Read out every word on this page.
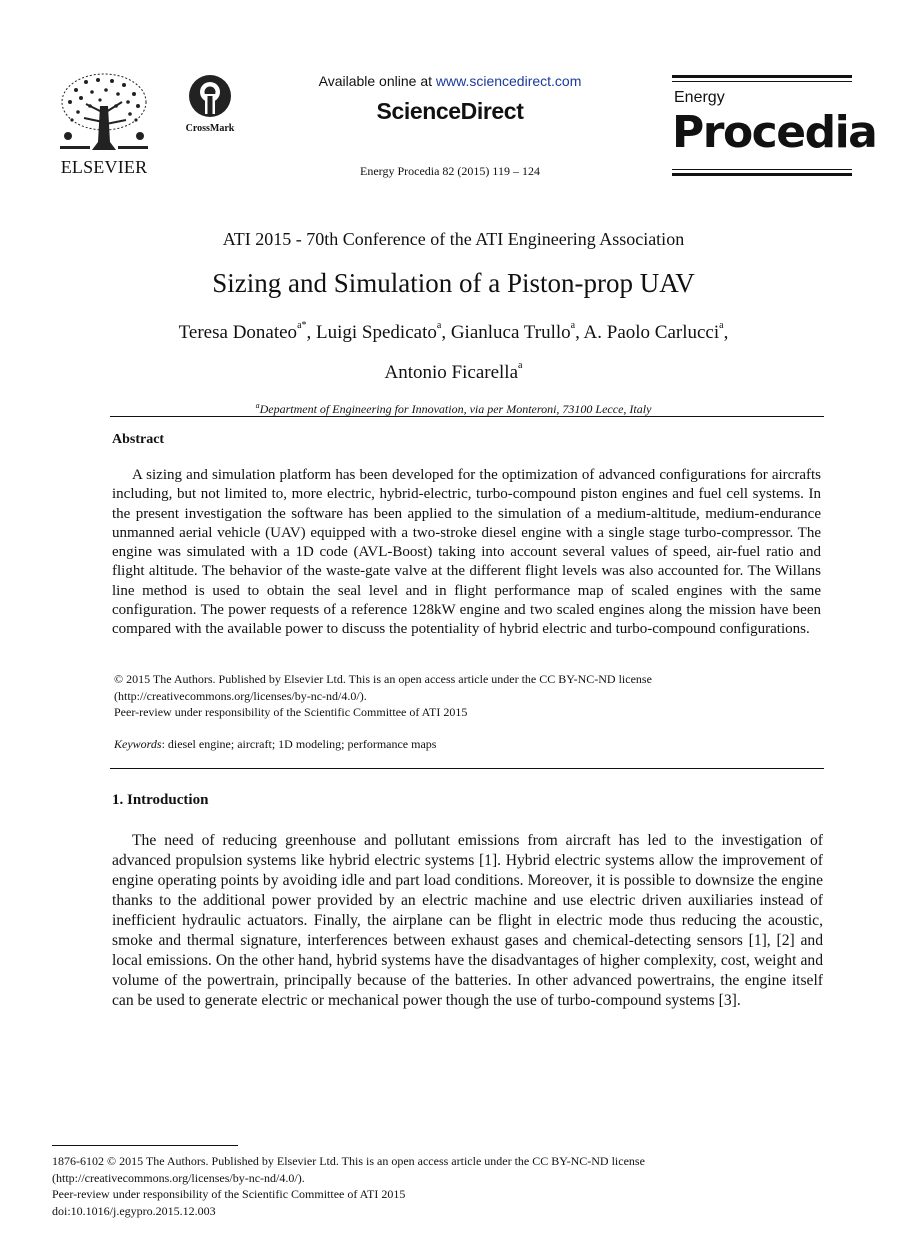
ELSEVIER
CrossMark
Available online at www.sciencedirect.com
ScienceDirect
Energy Procedia 82 (2015) 119 – 124
Energy
Procedia
ATI 2015 - 70th Conference of the ATI Engineering Association
Sizing and Simulation of a Piston-prop UAV
Teresa Donateo$^{a*}$, Luigi Spedicato$^a$, Gianluca Trullo$^a$, A. Paolo Carlucci$^a$,
Antonio Ficarella$^a$
$^a$Department of Engineering for Innovation, via per Monteroni, 73100 Lecce, Italy
Abstract
A sizing and simulation platform has been developed for the optimization of advanced configurations for aircrafts including, but not limited to, more electric, hybrid-electric, turbo-compound piston engines and fuel cell systems. In the present investigation the software has been applied to the simulation of a medium-altitude, medium-endurance unmanned aerial vehicle (UAV) equipped with a two-stroke diesel engine with a single stage turbo-compressor. The engine was simulated with a 1D code (AVL-Boost) taking into account several values of speed, air-fuel ratio and flight altitude. The behavior of the waste-gate valve at the different flight levels was also accounted for. The Willans line method is used to obtain the seal level and in flight performance map of scaled engines with the same configuration. The power requests of a reference 128kW engine and two scaled engines along the mission have been compared with the available power to discuss the potentiality of hybrid electric and turbo-compound configurations.
© 2015 The Authors. Published by Elsevier Ltd. This is an open access article under the CC BY-NC-ND license
(http://creativecommons.org/licenses/by-nc-nd/4.0/).
Peer-review under responsibility of the Scientific Committee of ATI 2015
Keywords: diesel engine; aircraft; 1D modeling; performance maps
1. Introduction
The need of reducing greenhouse and pollutant emissions from aircraft has led to the investigation of advanced propulsion systems like hybrid electric systems [1]. Hybrid electric systems allow the improvement of engine operating points by avoiding idle and part load conditions. Moreover, it is possible to downsize the engine thanks to the additional power provided by an electric machine and use electric driven auxiliaries instead of inefficient hydraulic actuators. Finally, the airplane can be flight in electric mode thus reducing the acoustic, smoke and thermal signature, interferences between exhaust gases and chemical-detecting sensors [1], [2] and local emissions. On the other hand, hybrid systems have the disadvantages of higher complexity, cost, weight and volume of the powertrain, principally because of the batteries. In other advanced powertrains, the engine itself can be used to generate electric or mechanical power though the use of turbo-compound systems [3].
1876-6102 © 2015 The Authors. Published by Elsevier Ltd. This is an open access article under the CC BY-NC-ND license
(http://creativecommons.org/licenses/by-nc-nd/4.0/).
Peer-review under responsibility of the Scientific Committee of ATI 2015
doi:10.1016/j.egypro.2015.12.003
